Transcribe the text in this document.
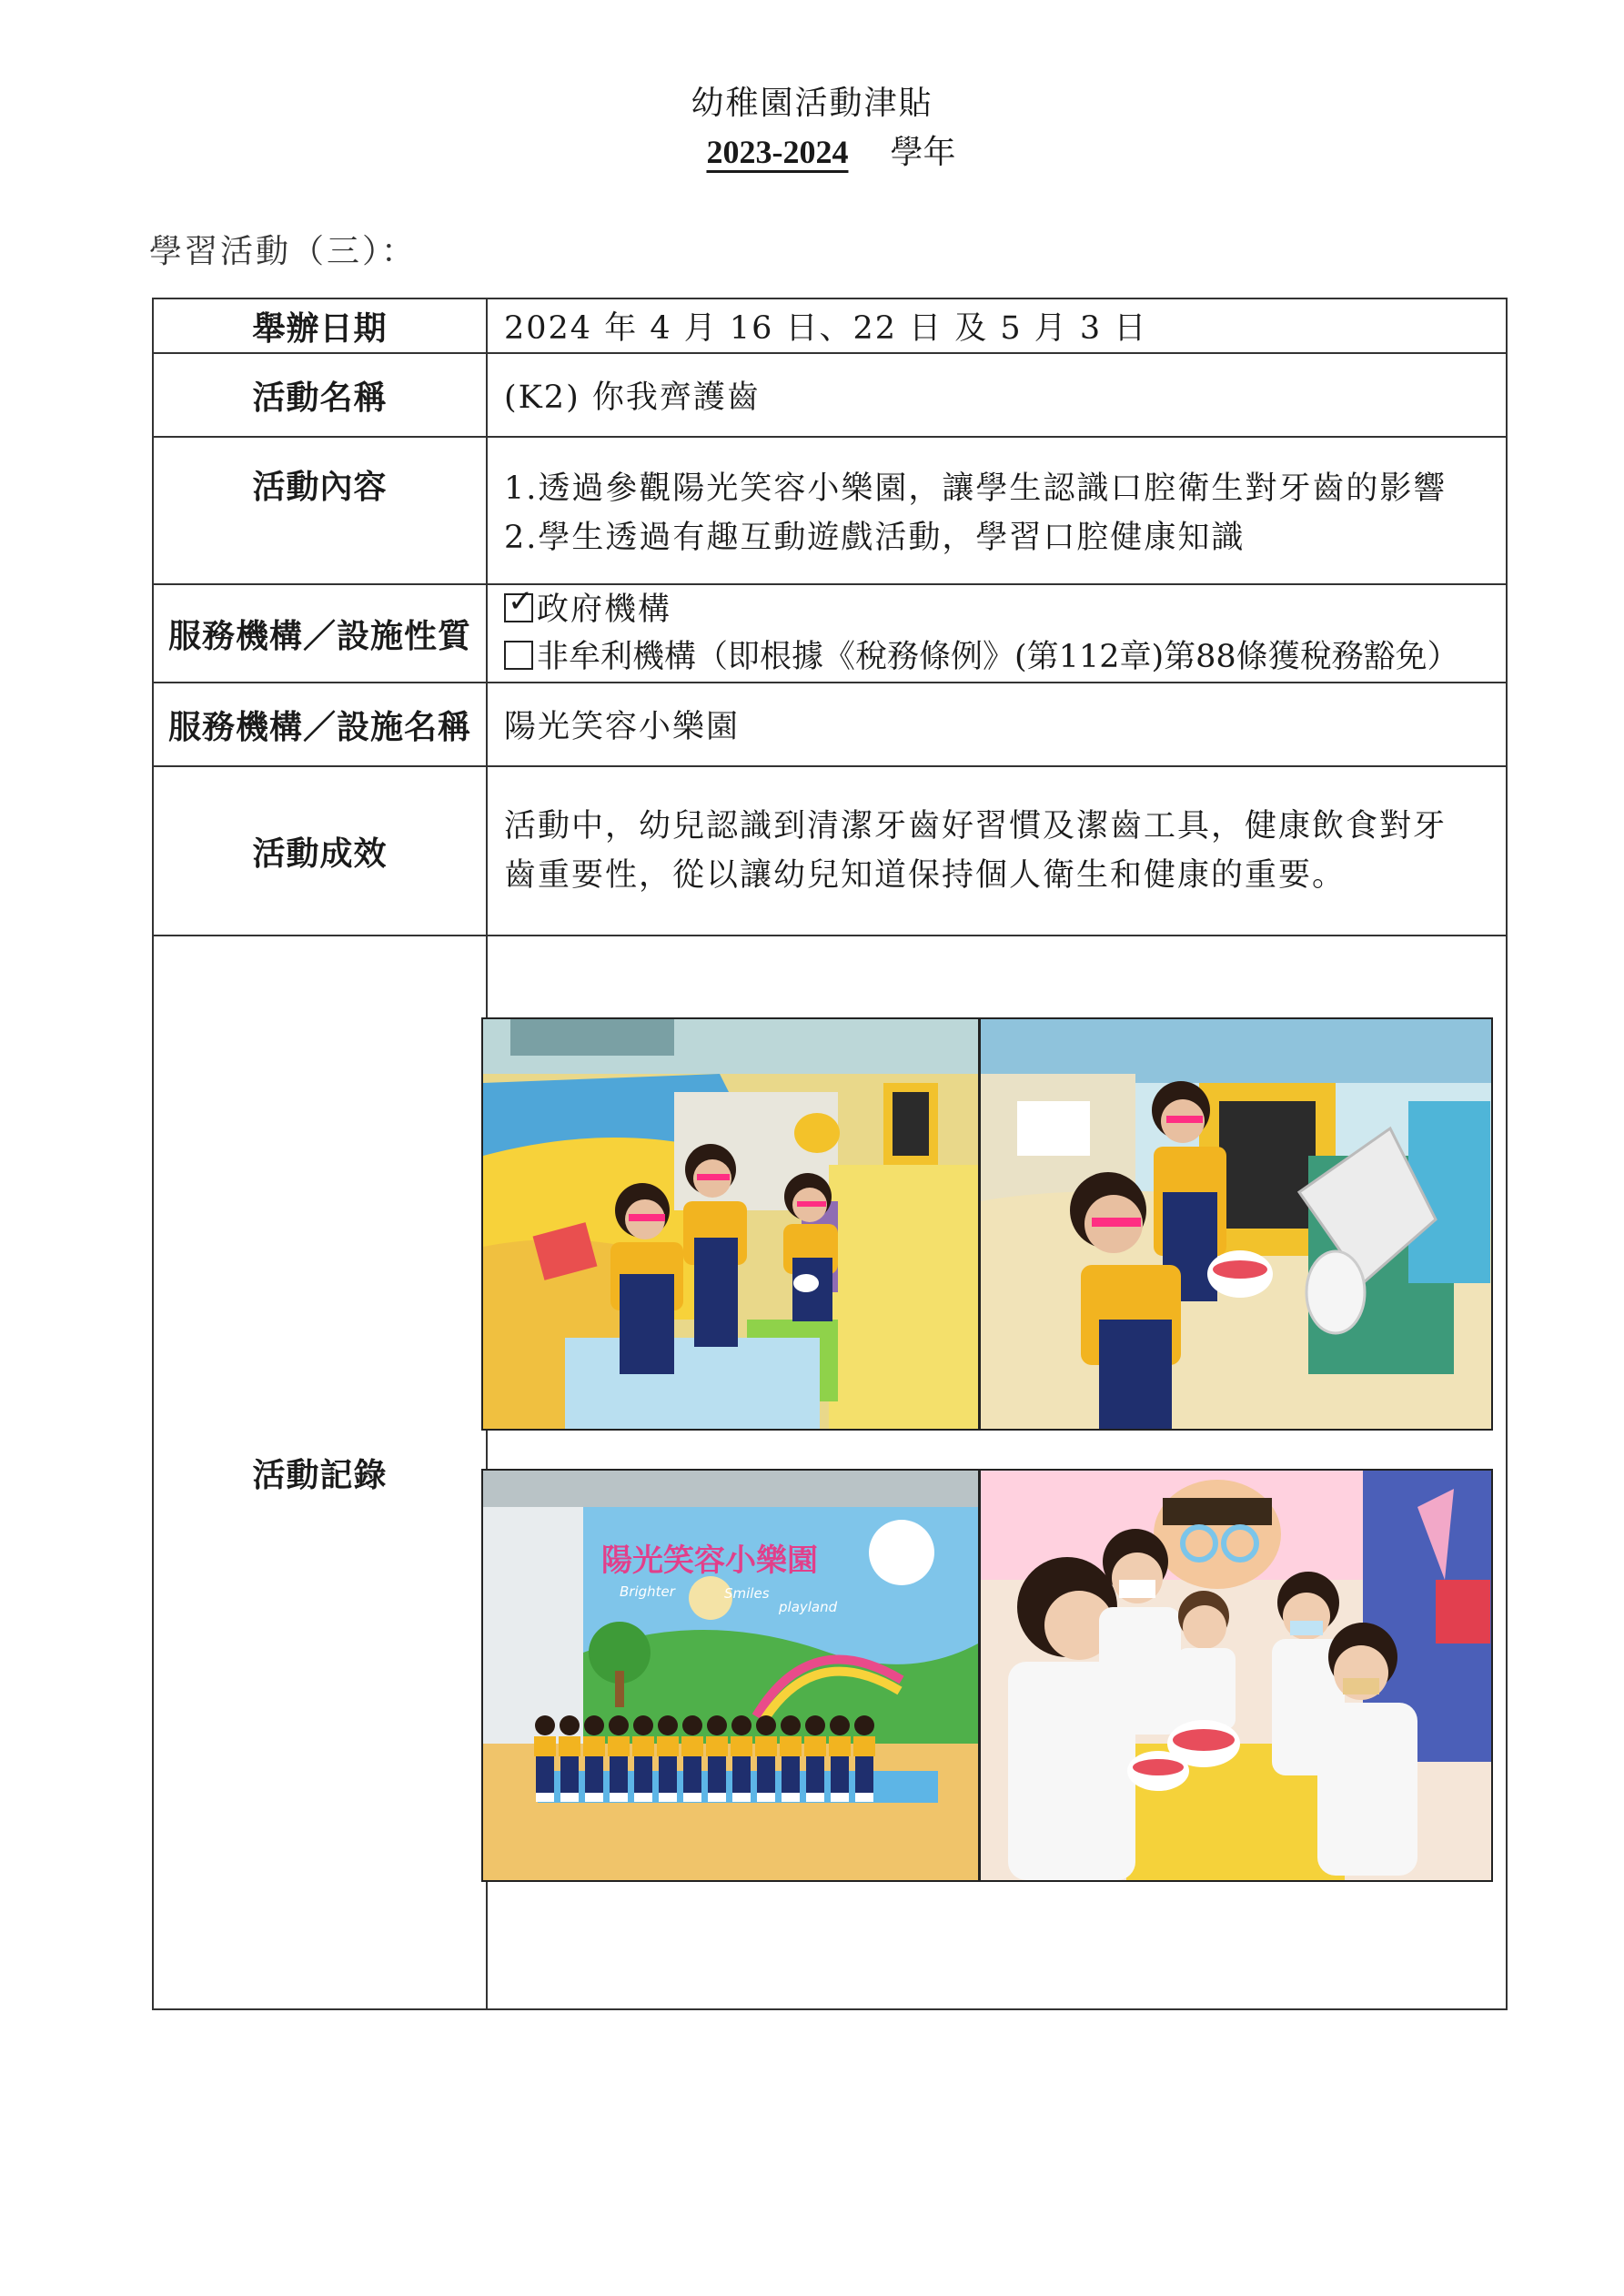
幼稚園活動津貼
2023-2024 學年
學習活動（三）：
舉辦日期	2024 年 4 月 16 日、22 日 及 5 月 3 日
活動名稱	(K2) 你我齊護齒
活動內容	1.透過參觀陽光笑容小樂園，讓學生認識口腔衛生對牙齒的影響
2.學生透過有趣互動遊戲活動，學習口腔健康知識

服務機構／設施性質	✓ 政府機構
非牟利機構（即根據《稅務條例》(第112章)第88條獲稅務豁免）

服務機構／設施名稱	陽光笑容小樂園
活動成效	活動中，幼兒認識到清潔牙齒好習慣及潔齒工具，健康飲食對牙
齒重要性，從以讓幼兒知道保持個人衛生和健康的重要。

活動記錄	
陽光笑容小樂園
Brighter	Smiles
playland
